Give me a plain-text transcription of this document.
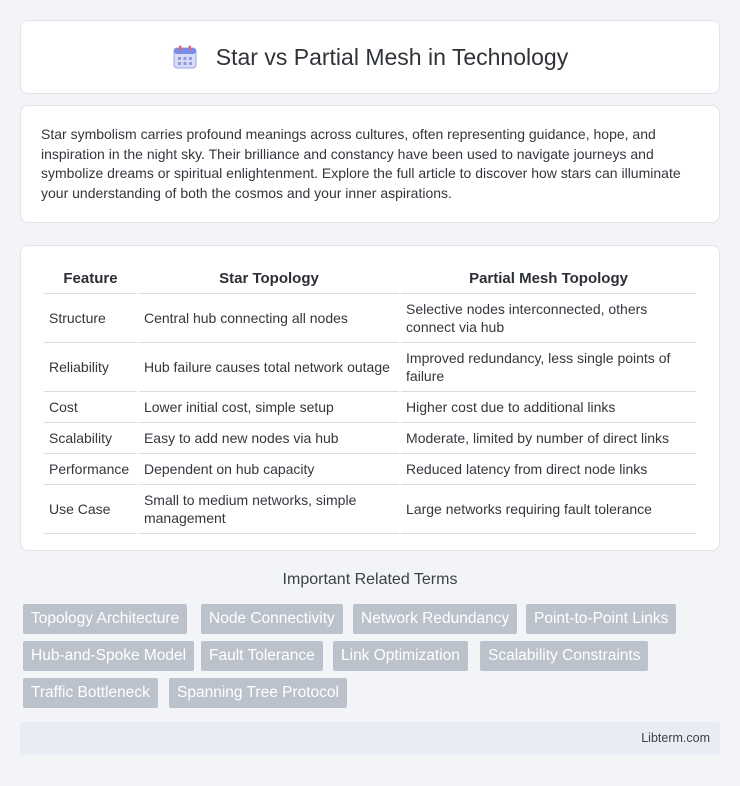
Star vs Partial Mesh in Technology

Star symbolism carries profound meanings across cultures, often representing guidance, hope, and inspiration in the night sky. Their brilliance and constancy have been used to navigate journeys and symbolize dreams or spiritual enlightenment. Explore the full article to discover how stars can illuminate your understanding of both the cosmos and your inner aspirations.

Feature	Star Topology	Partial Mesh Topology
Structure	Central hub connecting all nodes	Selective nodes interconnected, others connect via hub
Reliability	Hub failure causes total network outage	Improved redundancy, less single points of failure
Cost	Lower initial cost, simple setup	Higher cost due to additional links
Scalability	Easy to add new nodes via hub	Moderate, limited by number of direct links
Performance	Dependent on hub capacity	Reduced latency from direct node links
Use Case	Small to medium networks, simple management	Large networks requiring fault tolerance
Important Related Terms
Topology Architecture	Node Connectivity	Network Redundancy	Point-to-Point Links
Hub-and-Spoke Model	Fault Tolerance	Link Optimization	Scalability Constraints
Traffic Bottleneck	Spanning Tree Protocol
Libterm.com
